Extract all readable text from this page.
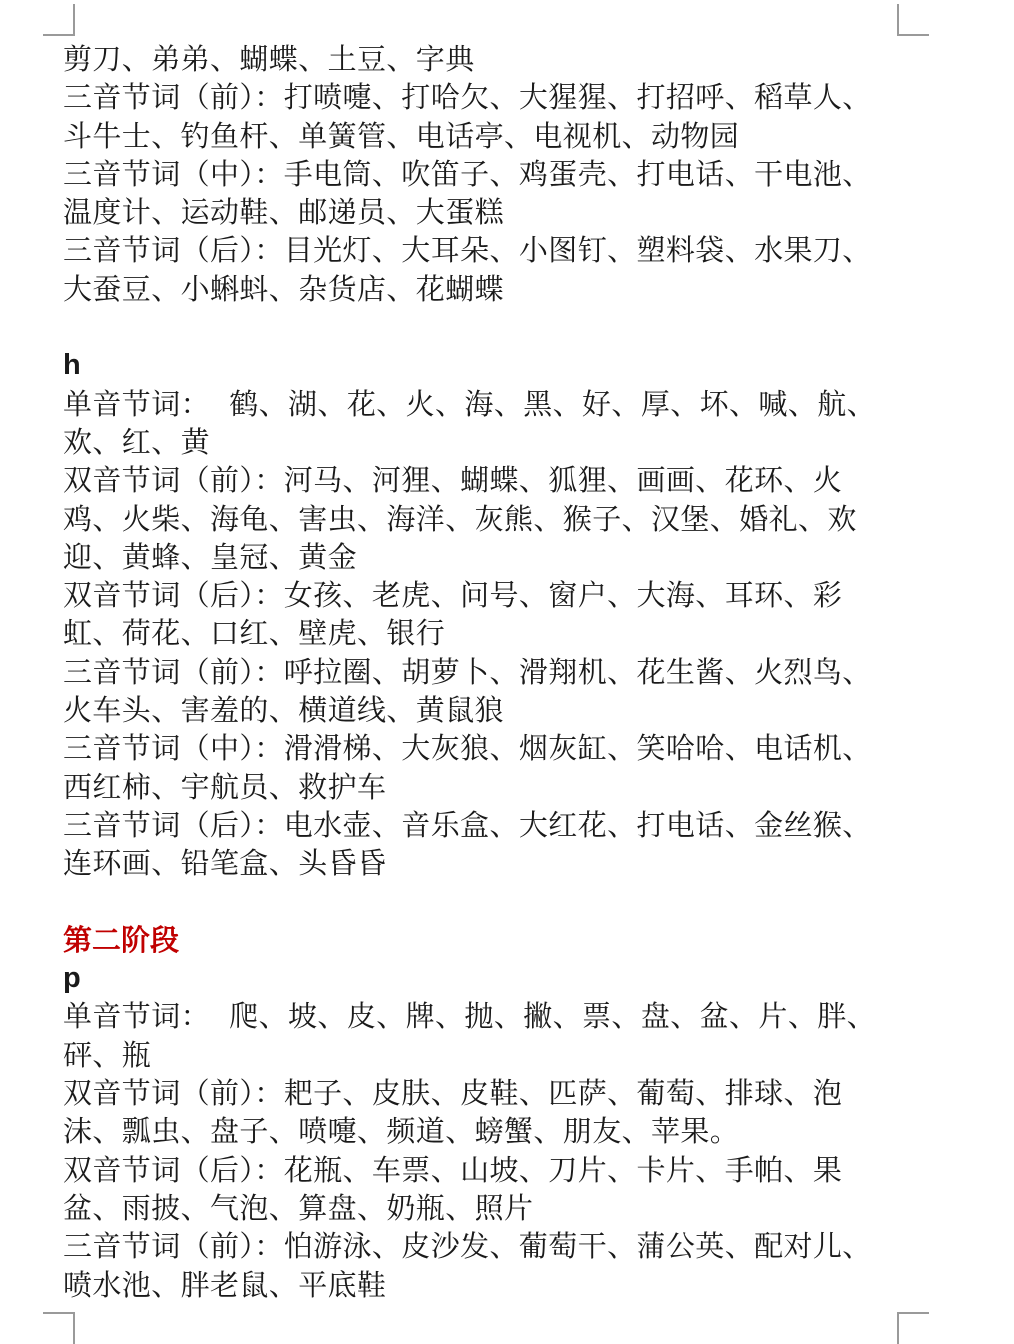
剪刀、弟弟、蝴蝶、土豆、字典
三音节词（前）：打喷嚏、打哈欠、大猩猩、打招呼、稻草人、
斗牛士、钓鱼杆、单簧管、电话亭、电视机、动物园
三音节词（中）：手电筒、吹笛子、鸡蛋壳、打电话、干电池、
温度计、运动鞋、邮递员、大蛋糕
三音节词（后）：目光灯、大耳朵、小图钉、塑料袋、水果刀、
大蚕豆、小蝌蚪、杂货店、花蝴蝶
h
单音节词：  鹤、湖、花、火、海、黑、好、厚、坏、喊、航、
欢、红、黄
双音节词（前）：河马、河狸、蝴蝶、狐狸、画画、花环、火
鸡、火柴、海龟、害虫、海洋、灰熊、猴子、汉堡、婚礼、欢
迎、黄蜂、皇冠、黄金
双音节词（后）：女孩、老虎、问号、窗户、大海、耳环、彩
虹、荷花、口红、壁虎、银行
三音节词（前）：呼拉圈、胡萝卜、滑翔机、花生酱、火烈鸟、
火车头、害羞的、横道线、黄鼠狼
三音节词（中）：滑滑梯、大灰狼、烟灰缸、笑哈哈、电话机、
西红柿、宇航员、救护车
三音节词（后）：电水壶、音乐盒、大红花、打电话、金丝猴、
连环画、铅笔盒、头昏昏
第二阶段
p
单音节词：  爬、坡、皮、牌、抛、撇、票、盘、盆、片、胖、
砰、瓶
双音节词（前）：耙子、皮肤、皮鞋、匹萨、葡萄、排球、泡
沫、瓢虫、盘子、喷嚏、频道、螃蟹、朋友、苹果。
双音节词（后）：花瓶、车票、山坡、刀片、卡片、手帕、果
盆、雨披、气泡、算盘、奶瓶、照片
三音节词（前）：怕游泳、皮沙发、葡萄干、蒲公英、配对儿、
喷水池、胖老鼠、平底鞋
